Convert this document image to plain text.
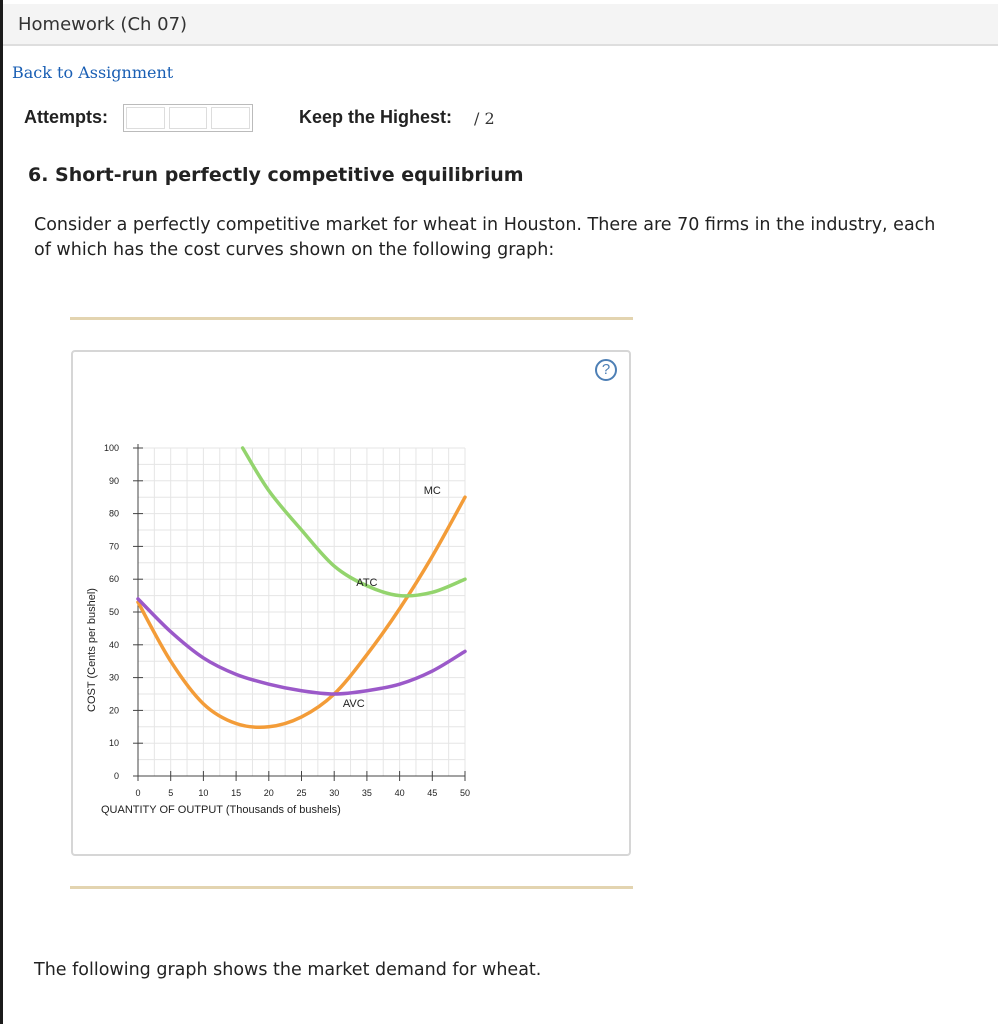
Homework (Ch 07)
Back to Assignment
Attempts:	Keep the Highest: / 2
6. Short-run perfectly competitive equilibrium
Consider a perfectly competitive market for wheat in Houston. There are 70 firms in the industry, each of which has the cost curves shown on the following graph:
?
0	5	10	15	20	25	30	35	40	45	50
0
10
20
30
40
50
60
70
80
90
100
QUANTITY OF OUTPUT (Thousands of bushels)
COST (Cents per bushel)
MC
ATC
AVC
The following graph shows the market demand for wheat.
